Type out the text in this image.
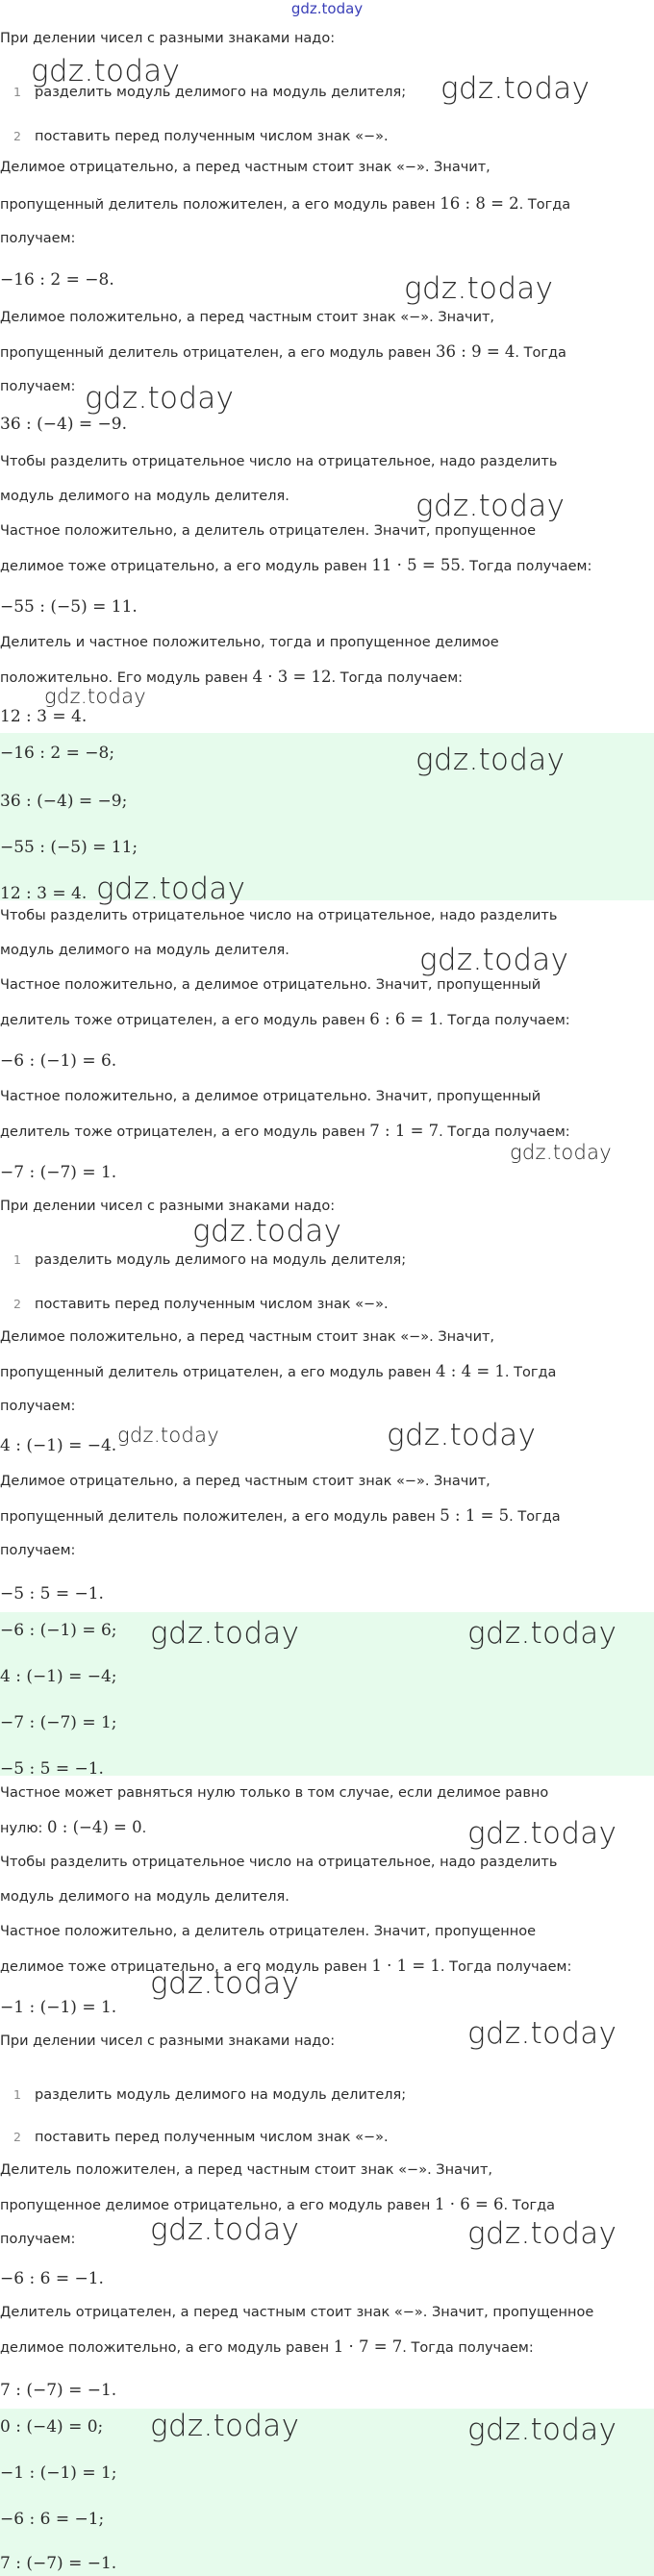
gdz.today
При делении чисел с разными знаками надо:
1 разделить модуль делимого на модуль делителя;
2 поставить перед полученным числом знак «−».
Делимое отрицательно, а перед частным стоит знак «−». Значит,
пропущенный делитель положителен, а его модуль равен 16 : 8 = 2. Тогда
получаем:
−16 : 2 = −8.
Делимое положительно, а перед частным стоит знак «−». Значит,
пропущенный делитель отрицателен, а его модуль равен 36 : 9 = 4. Тогда
получаем:
36 : (−4) = −9.
Чтобы разделить отрицательное число на отрицательное, надо разделить
модуль делимого на модуль делителя.
Частное положительно, а делитель отрицателен. Значит, пропущенное
делимое тоже отрицательно, а его модуль равен 11 · 5 = 55. Тогда получаем:
−55 : (−5) = 11.
Делитель и частное положительно, тогда и пропущенное делимое
положительно. Его модуль равен 4 · 3 = 12. Тогда получаем:
12 : 3 = 4.
−16 : 2 = −8;
36 : (−4) = −9;
−55 : (−5) = 11;
12 : 3 = 4.
Чтобы разделить отрицательное число на отрицательное, надо разделить
модуль делимого на модуль делителя.
Частное положительно, а делимое отрицательно. Значит, пропущенный
делитель тоже отрицателен, а его модуль равен 6 : 6 = 1. Тогда получаем:
−6 : (−1) = 6.
Частное положительно, а делимое отрицательно. Значит, пропущенный
делитель тоже отрицателен, а его модуль равен 7 : 1 = 7. Тогда получаем:
−7 : (−7) = 1.
При делении чисел с разными знаками надо:
1 разделить модуль делимого на модуль делителя;
2 поставить перед полученным числом знак «−».
Делимое положительно, а перед частным стоит знак «−». Значит,
пропущенный делитель отрицателен, а его модуль равен 4 : 4 = 1. Тогда
получаем:
4 : (−1) = −4.
Делимое отрицательно, а перед частным стоит знак «−». Значит,
пропущенный делитель положителен, а его модуль равен 5 : 1 = 5. Тогда
получаем:
−5 : 5 = −1.
−6 : (−1) = 6;
4 : (−1) = −4;
−7 : (−7) = 1;
−5 : 5 = −1.
Частное может равняться нулю только в том случае, если делимое равно
нулю: 0 : (−4) = 0.
Чтобы разделить отрицательное число на отрицательное, надо разделить
модуль делимого на модуль делителя.
Частное положительно, а делитель отрицателен. Значит, пропущенное
делимое тоже отрицательно, а его модуль равен 1 · 1 = 1. Тогда получаем:
−1 : (−1) = 1.
При делении чисел с разными знаками надо:
1 разделить модуль делимого на модуль делителя;
2 поставить перед полученным числом знак «−».
Делитель положителен, а перед частным стоит знак «−». Значит,
пропущенное делимое отрицательно, а его модуль равен 1 · 6 = 6. Тогда
получаем:
−6 : 6 = −1.
Делитель отрицателен, а перед частным стоит знак «−». Значит, пропущенное
делимое положительно, а его модуль равен 1 · 7 = 7. Тогда получаем:
7 : (−7) = −1.
0 : (−4) = 0;
−1 : (−1) = 1;
−6 : 6 = −1;
7 : (−7) = −1.
gdz.today	gdz.today
gdz.today
gdz.today
gdz.today
gdz.today
gdz.today
gdz.today
gdz.today
gdz.today
gdz.today
gdz.today	gdz.today
gdz.today	gdz.today
gdz.today
gdz.today
gdz.today
gdz.today	gdz.today
gdz.today	gdz.today
